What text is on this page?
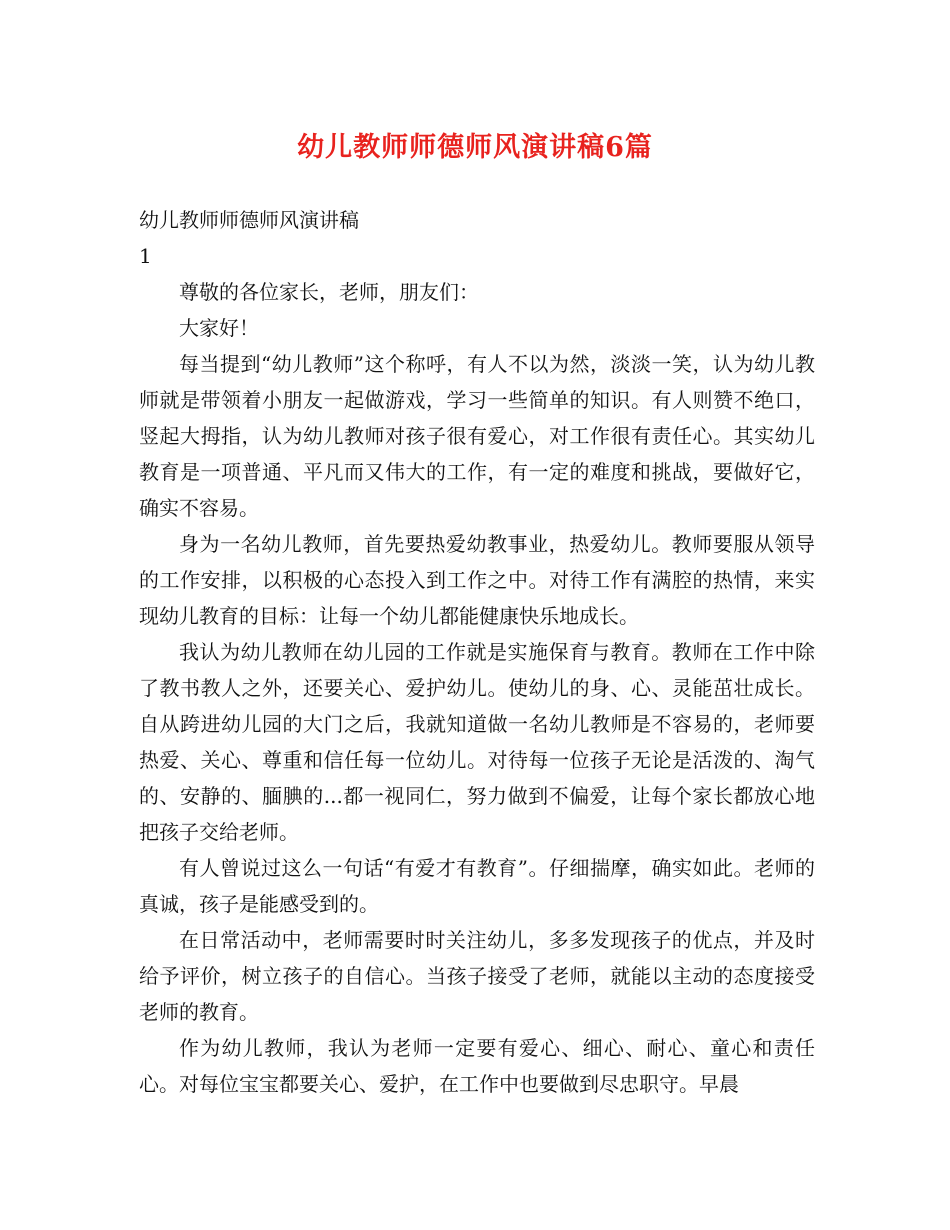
幼儿教师师德师风演讲稿6篇

幼儿教师师德师风演讲稿

1

尊敬的各位家长，老师，朋友们：

大家好！

每当提到“幼儿教师”这个称呼，有人不以为然，淡淡一笑，认为幼儿教师就是带领着小朋友一起做游戏，学习一些简单的知识。有人则赞不绝口，竖起大拇指，认为幼儿教师对孩子很有爱心，对工作很有责任心。其实幼儿教育是一项普通、平凡而又伟大的工作，有一定的难度和挑战，要做好它，确实不容易。

身为一名幼儿教师，首先要热爱幼教事业，热爱幼儿。教师要服从领导的工作安排，以积极的心态投入到工作之中。对待工作有满腔的热情，来实现幼儿教育的目标：让每一个幼儿都能健康快乐地成长。

我认为幼儿教师在幼儿园的工作就是实施保育与教育。教师在工作中除了教书教人之外，还要关心、爱护幼儿。使幼儿的身、心、灵能茁壮成长。自从跨进幼儿园的大门之后，我就知道做一名幼儿教师是不容易的，老师要热爱、关心、尊重和信任每一位幼儿。对待每一位孩子无论是活泼的、淘气的、安静的、腼腆的...都一视同仁，努力做到不偏爱，让每个家长都放心地把孩子交给老师。

有人曾说过这么一句话“有爱才有教育”。仔细揣摩，确实如此。老师的真诚，孩子是能感受到的。

在日常活动中，老师需要时时关注幼儿，多多发现孩子的优点，并及时给予评价，树立孩子的自信心。当孩子接受了老师，就能以主动的态度接受老师的教育。

作为幼儿教师，我认为老师一定要有爱心、细心、耐心、童心和责任心。对每位宝宝都要关心、爱护，在工作中也要做到尽忠职守。早晨
